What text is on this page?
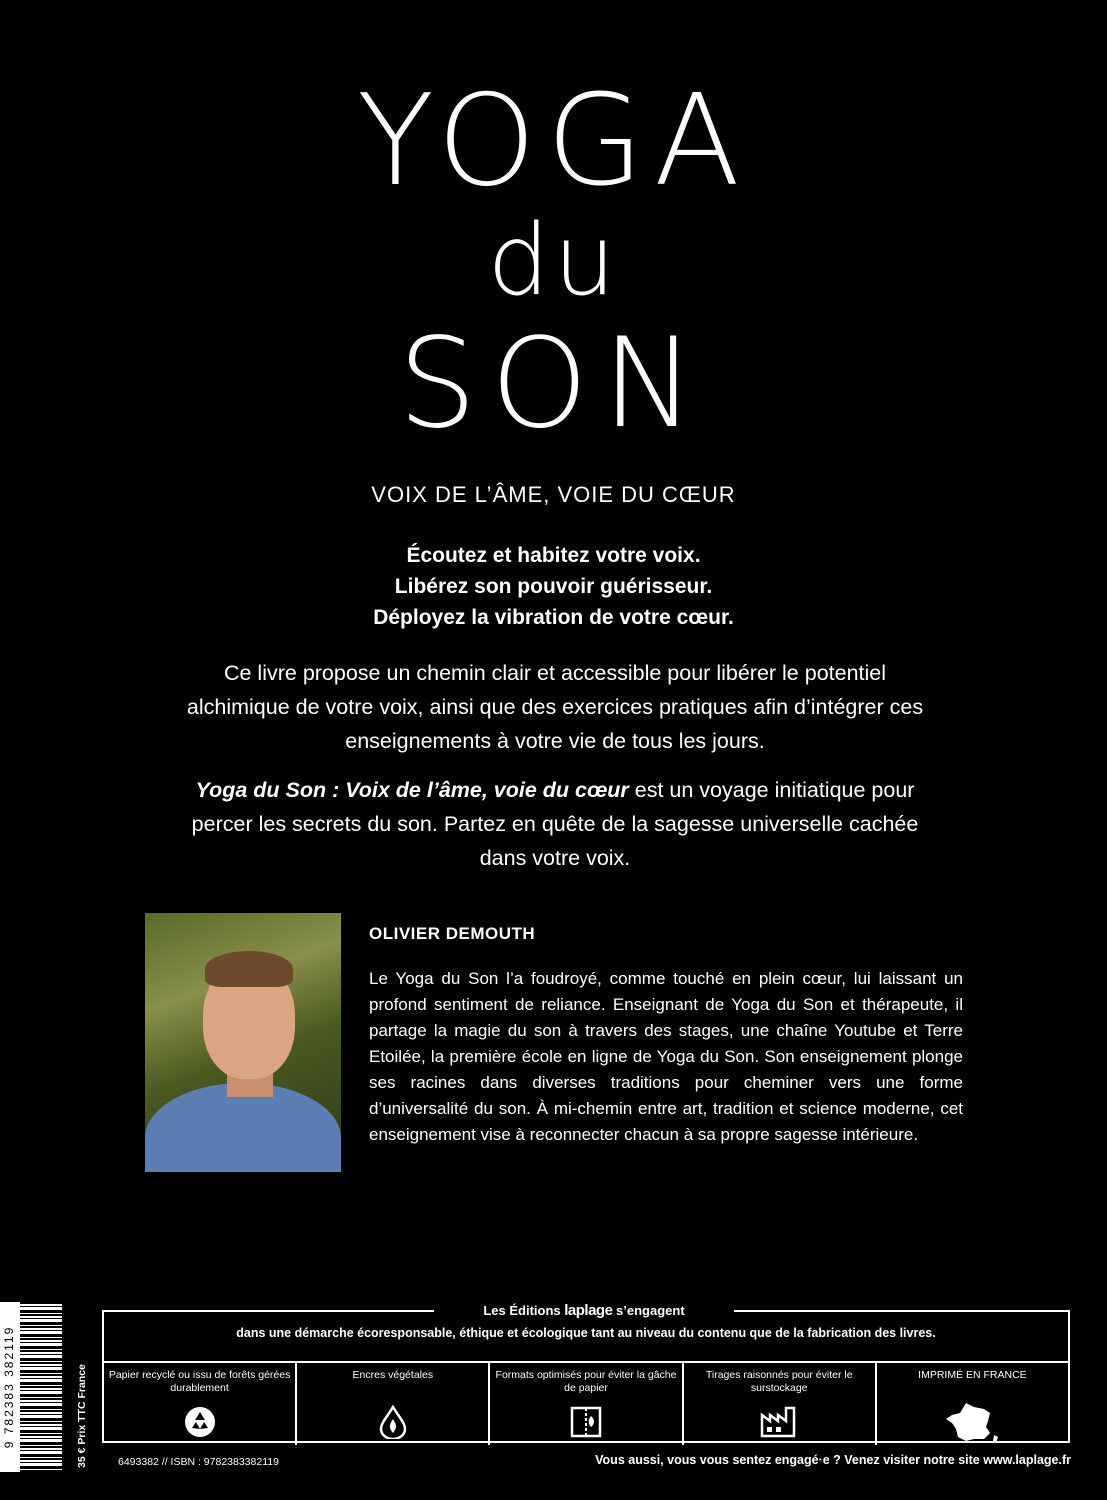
YOGA
du
SON
VOIX DE L’ÂME, VOIE DU CŒUR
Écoutez et habitez votre voix.
Libérez son pouvoir guérisseur.
Déployez la vibration de votre cœur.
Ce livre propose un chemin clair et accessible pour libérer le potentiel alchimique de votre voix, ainsi que des exercices pratiques afin d’intégrer ces enseignements à votre vie de tous les jours.
Yoga du Son : Voix de l’âme, voie du cœur est un voyage initiatique pour percer les secrets du son. Partez en quête de la sagesse universelle cachée dans votre voix.
OLIVIER DEMOUTH
Le Yoga du Son l’a foudroyé, comme touché en plein cœur, lui laissant un profond sentiment de reliance. Enseignant de Yoga du Son et thérapeute, il partage la magie du son à travers des stages, une chaîne Youtube et Terre Etoilée, la première école en ligne de Yoga du Son. Son enseignement plonge ses racines dans diverses traditions pour cheminer vers une forme d’universalité du son. À mi-chemin entre art, tradition et science moderne, cet enseignement vise à reconnecter chacun à sa propre sagesse intérieure.
9 782383 382119	35 € Prix TTC France
Les Éditions laplage s’engagent
dans une démarche écoresponsable, éthique et écologique tant au niveau du contenu que de la fabrication des livres.
Papier recyclé ou issu de forêts gérées durablement
Encres végétales	Formats optimisés pour éviter la gâche de papier
Tirages raisonnés pour éviter le surstockage
IMPRIMÉ EN FRANCE
6493382 // ISBN : 9782383382119	Vous aussi, vous vous sentez engagé·e ? Venez visiter notre site www.laplage.fr
